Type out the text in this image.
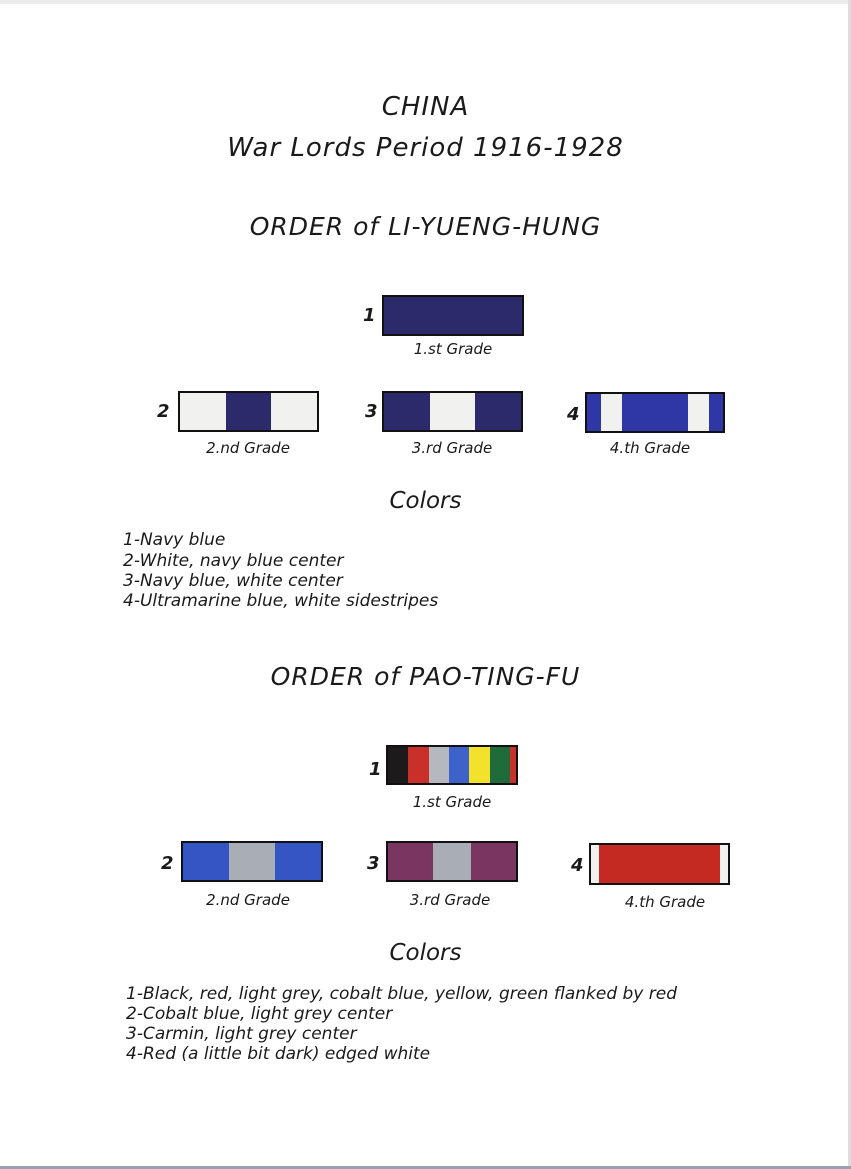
CHINA
War Lords Period 1916-1928
ORDER of LI-YUENG-HUNG
1
1.st Grade
2
2.nd Grade
3
3.rd Grade
4
4.th Grade
Colors
1-Navy blue
2-White, navy blue center
3-Navy blue, white center
4-Ultramarine blue, white sidestripes
ORDER of PAO-TING-FU
1
1.st Grade
2
2.nd Grade
3
3.rd Grade
4
4.th Grade
Colors
1-Black, red, light grey, cobalt blue, yellow, green flanked by red
2-Cobalt blue, light grey center
3-Carmin, light grey center
4-Red (a little bit dark) edged white
